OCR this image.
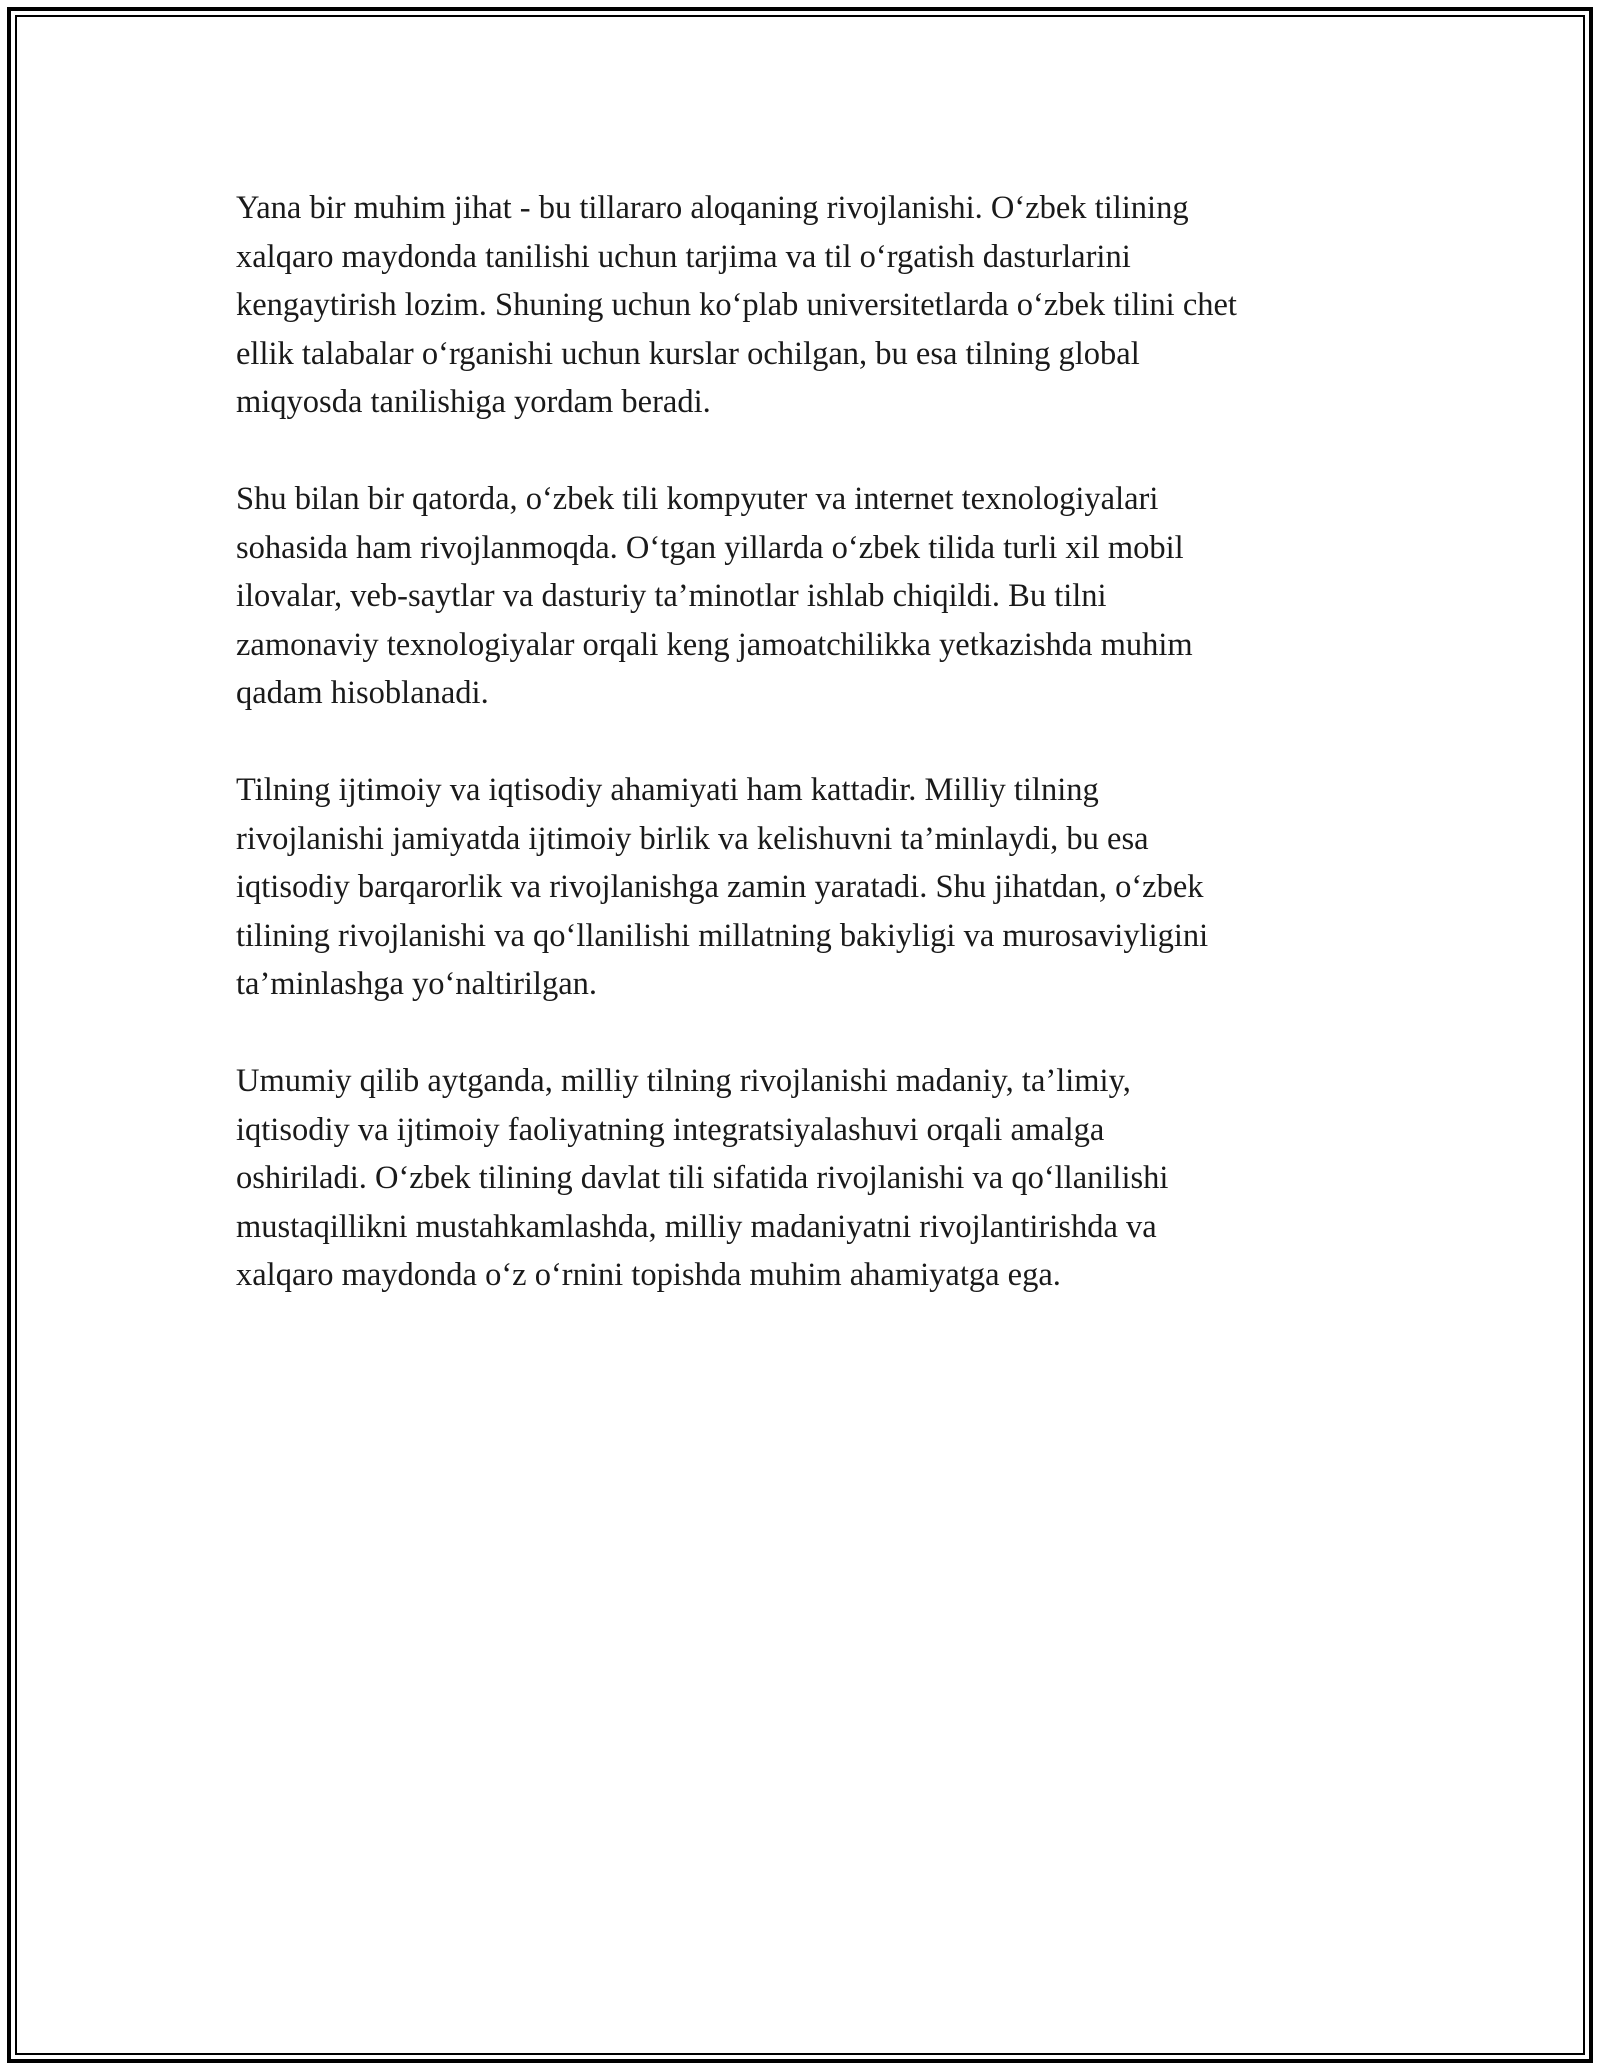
Yana bir muhim jihat - bu tillararo aloqaning rivojlanishi. O‘zbek tilining
xalqaro maydonda tanilishi uchun tarjima va til o‘rgatish dasturlarini
kengaytirish lozim. Shuning uchun ko‘plab universitetlarda o‘zbek tilini chet
ellik talabalar o‘rganishi uchun kurslar ochilgan, bu esa tilning global
miqyosda tanilishiga yordam beradi.

Shu bilan bir qatorda, o‘zbek tili kompyuter va internet texnologiyalari
sohasida ham rivojlanmoqda. O‘tgan yillarda o‘zbek tilida turli xil mobil
ilovalar, veb-saytlar va dasturiy ta’minotlar ishlab chiqildi. Bu tilni
zamonaviy texnologiyalar orqali keng jamoatchilikka yetkazishda muhim
qadam hisoblanadi.

Tilning ijtimoiy va iqtisodiy ahamiyati ham kattadir. Milliy tilning
rivojlanishi jamiyatda ijtimoiy birlik va kelishuvni ta’minlaydi, bu esa
iqtisodiy barqarorlik va rivojlanishga zamin yaratadi. Shu jihatdan, o‘zbek
tilining rivojlanishi va qo‘llanilishi millatning bakiyligi va murosaviyligini
ta’minlashga yo‘naltirilgan.

Umumiy qilib aytganda, milliy tilning rivojlanishi madaniy, ta’limiy,
iqtisodiy va ijtimoiy faoliyatning integratsiyalashuvi orqali amalga
oshiriladi. O‘zbek tilining davlat tili sifatida rivojlanishi va qo‘llanilishi
mustaqillikni mustahkamlashda, milliy madaniyatni rivojlantirishda va
xalqaro maydonda o‘z o‘rnini topishda muhim ahamiyatga ega.
